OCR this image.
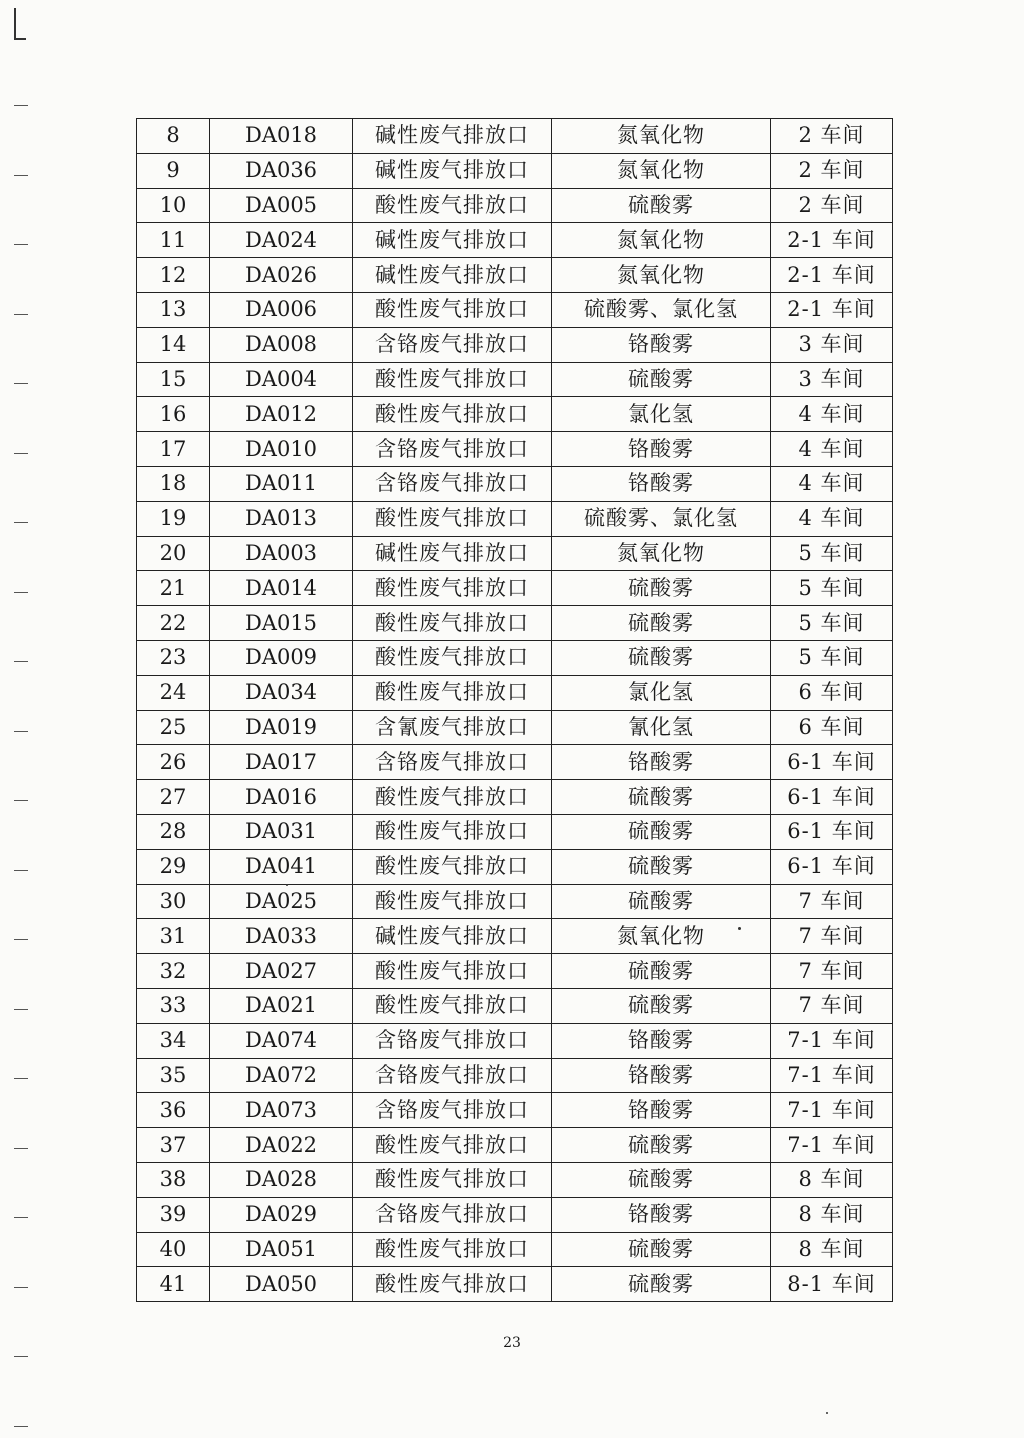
8	DA018	碱性废气排放口	氮氧化物	2 车间
9	DA036	碱性废气排放口	氮氧化物	2 车间
10	DA005	酸性废气排放口	硫酸雾	2 车间
11	DA024	碱性废气排放口	氮氧化物	2-1 车间
12	DA026	碱性废气排放口	氮氧化物	2-1 车间
13	DA006	酸性废气排放口	硫酸雾、氯化氢	2-1 车间
14	DA008	含铬废气排放口	铬酸雾	3 车间
15	DA004	酸性废气排放口	硫酸雾	3 车间
16	DA012	酸性废气排放口	氯化氢	4 车间
17	DA010	含铬废气排放口	铬酸雾	4 车间
18	DA011	含铬废气排放口	铬酸雾	4 车间
19	DA013	酸性废气排放口	硫酸雾、氯化氢	4 车间
20	DA003	碱性废气排放口	氮氧化物	5 车间
21	DA014	酸性废气排放口	硫酸雾	5 车间
22	DA015	酸性废气排放口	硫酸雾	5 车间
23	DA009	酸性废气排放口	硫酸雾	5 车间
24	DA034	酸性废气排放口	氯化氢	6 车间
25	DA019	含氰废气排放口	氰化氢	6 车间
26	DA017	含铬废气排放口	铬酸雾	6-1 车间
27	DA016	酸性废气排放口	硫酸雾	6-1 车间
28	DA031	酸性废气排放口	硫酸雾	6-1 车间
29	DA041	酸性废气排放口	硫酸雾	6-1 车间
30	DA025	酸性废气排放口	硫酸雾	7 车间
31	DA033	碱性废气排放口	氮氧化物	7 车间
32	DA027	酸性废气排放口	硫酸雾	7 车间
33	DA021	酸性废气排放口	硫酸雾	7 车间
34	DA074	含铬废气排放口	铬酸雾	7-1 车间
35	DA072	含铬废气排放口	铬酸雾	7-1 车间
36	DA073	含铬废气排放口	铬酸雾	7-1 车间
37	DA022	酸性废气排放口	硫酸雾	7-1 车间
38	DA028	酸性废气排放口	硫酸雾	8 车间
39	DA029	含铬废气排放口	铬酸雾	8 车间
40	DA051	酸性废气排放口	硫酸雾	8 车间
41	DA050	酸性废气排放口	硫酸雾	8-1 车间
23
